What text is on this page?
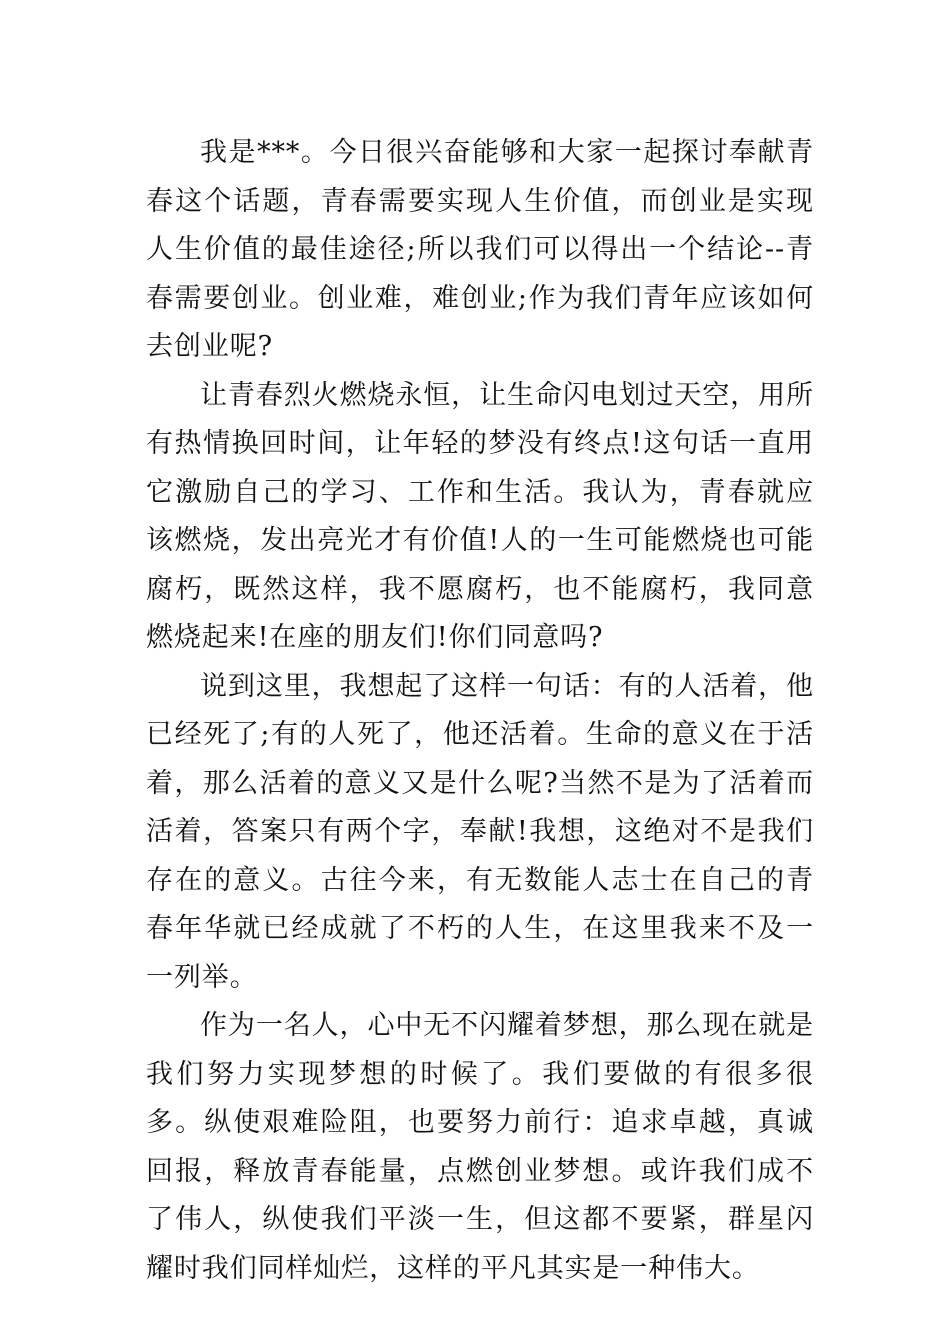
我是***。今日很兴奋能够和大家一起探讨奉献青春这个话题，青春需要实现人生价值，而创业是实现人生价值的最佳途径;所以我们可以得出一个结论--青春需要创业。创业难，难创业;作为我们青年应该如何去创业呢?

让青春烈火燃烧永恒，让生命闪电划过天空，用所有热情换回时间，让年轻的梦没有终点!这句话一直用它激励自己的学习、工作和生活。我认为，青春就应该燃烧，发出亮光才有价值!人的一生可能燃烧也可能腐朽，既然这样，我不愿腐朽，也不能腐朽，我同意燃烧起来!在座的朋友们!你们同意吗?

说到这里，我想起了这样一句话：有的人活着，他已经死了;有的人死了，他还活着。生命的意义在于活着，那么活着的意义又是什么呢?当然不是为了活着而活着，答案只有两个字，奉献!我想，这绝对不是我们存在的意义。古往今来，有无数能人志士在自己的青春年华就已经成就了不朽的人生，在这里我来不及一一列举。

作为一名人，心中无不闪耀着梦想，那么现在就是我们努力实现梦想的时候了。我们要做的有很多很多。纵使艰难险阻，也要努力前行：追求卓越，真诚回报，释放青春能量，点燃创业梦想。或许我们成不了伟人，纵使我们平淡一生，但这都不要紧，群星闪耀时我们同样灿烂，这样的平凡其实是一种伟大。
